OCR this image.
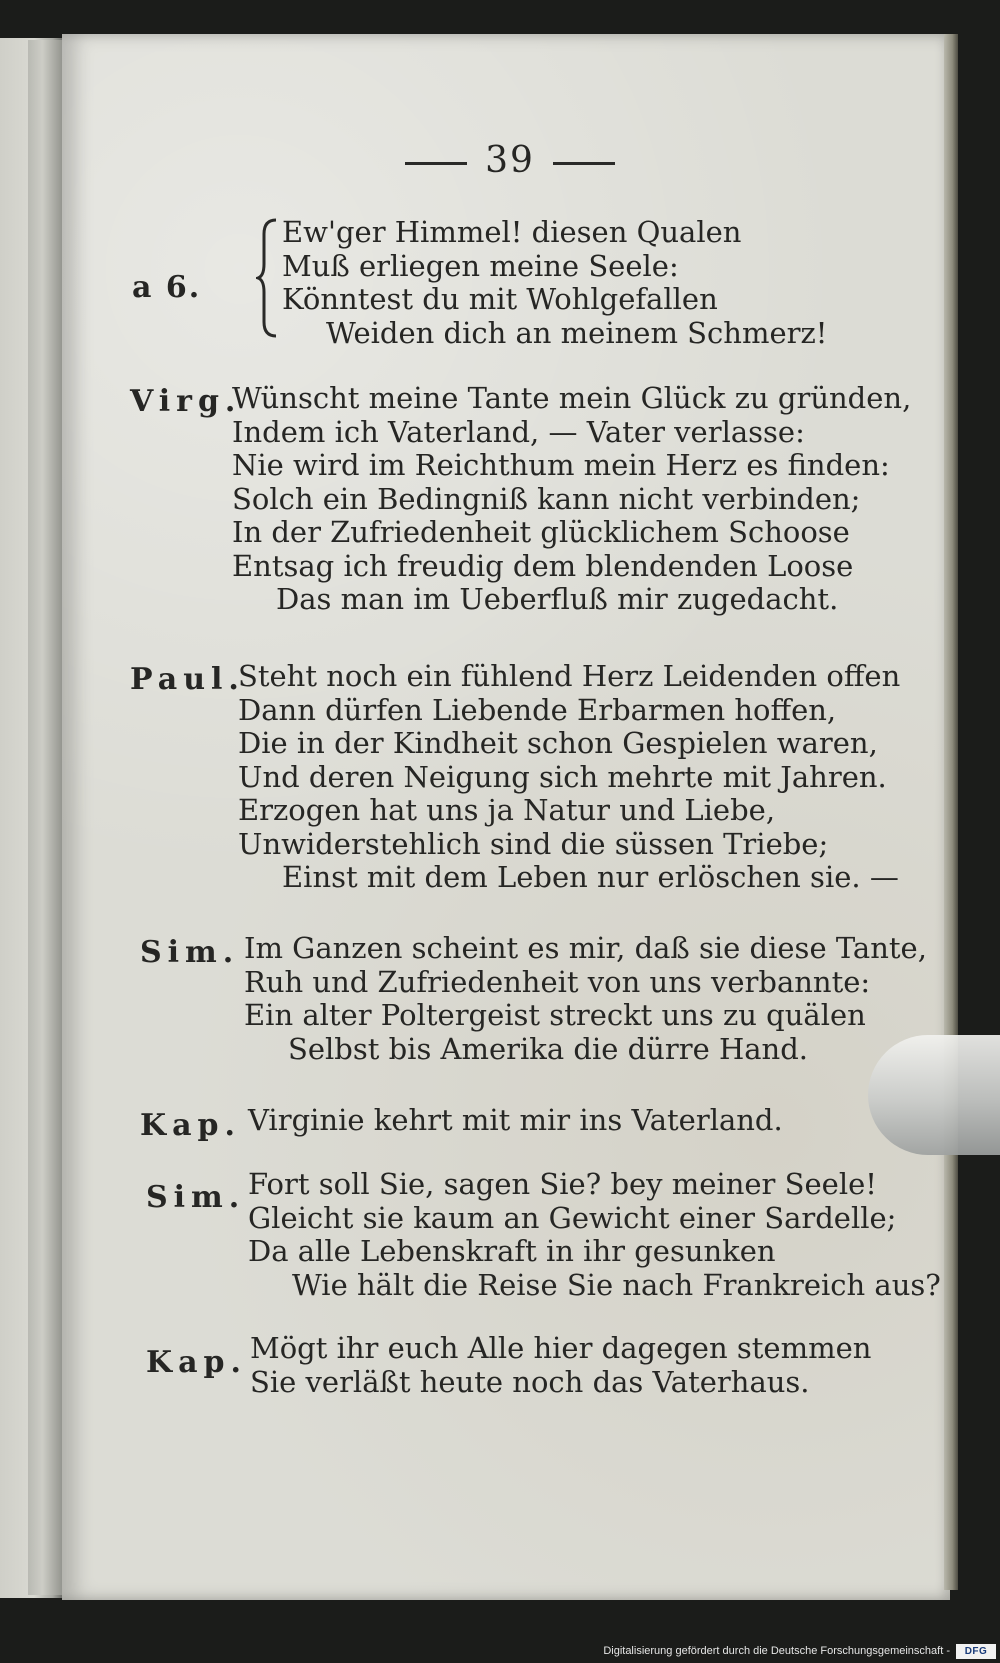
39
a 6.
Ew'ger Himmel! diesen Qualen
Muß erliegen meine Seele:
Könntest du mit Wohlgefallen
Weiden dich an meinem Schmerz!
Virg.
Wünscht meine Tante mein Glück zu gründen,
Indem ich Vaterland, — Vater verlasse:
Nie wird im Reichthum mein Herz es finden:
Solch ein Bedingniß kann nicht verbinden;
In der Zufriedenheit glücklichem Schoose
Entsag ich freudig dem blendenden Loose
Das man im Ueberfluß mir zugedacht.
Paul.
Steht noch ein fühlend Herz Leidenden offen
Dann dürfen Liebende Erbarmen hoffen,
Die in der Kindheit schon Gespielen waren,
Und deren Neigung sich mehrte mit Jahren.
Erzogen hat uns ja Natur und Liebe,
Unwiderstehlich sind die süssen Triebe;
Einst mit dem Leben nur erlöschen sie. —
Sim. Im Ganzen scheint es mir, daß sie diese Tante,
Ruh und Zufriedenheit von uns verbannte:
Ein alter Poltergeist streckt uns zu quälen
Selbst bis Amerika die dürre Hand.
Kap. Virginie kehrt mit mir ins Vaterland.
Sim. Fort soll Sie, sagen Sie? bey meiner Seele!
Gleicht sie kaum an Gewicht einer Sardelle;
Da alle Lebenskraft in ihr gesunken
Wie hält die Reise Sie nach Frankreich aus?
Kap. Mögt ihr euch Alle hier dagegen stemmen
Sie verläßt heute noch das Vaterhaus.
Digitalisierung gefördert durch die Deutsche Forschungsgemeinschaft -	DFG
